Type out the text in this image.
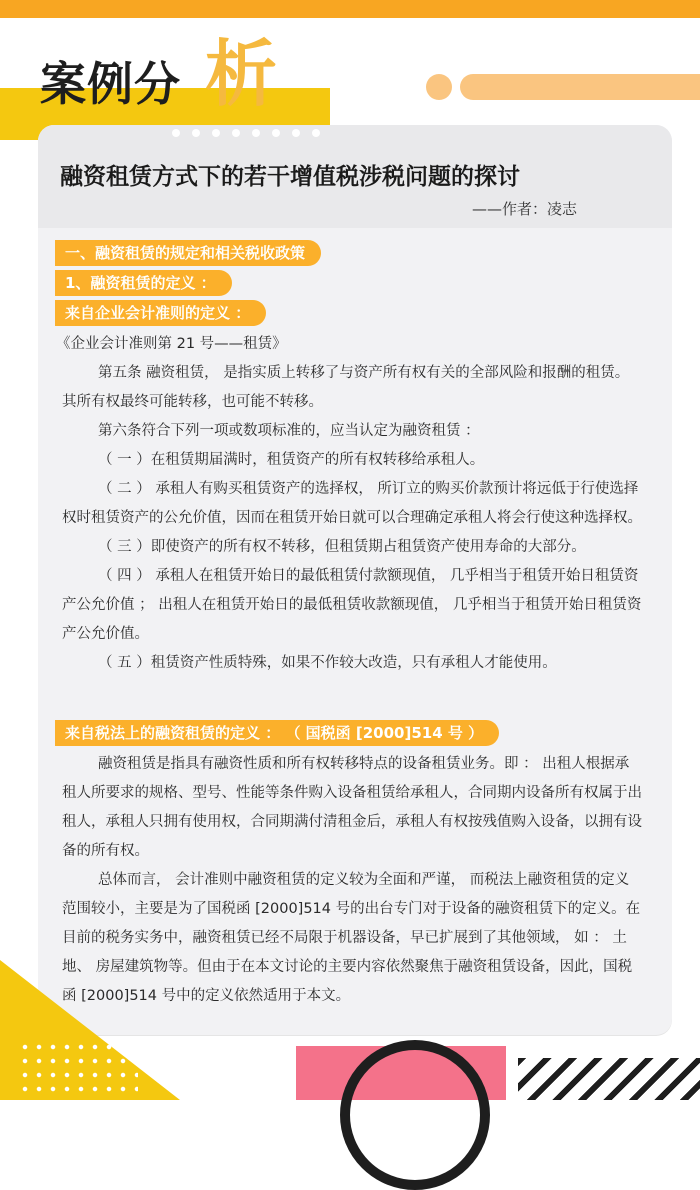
析
案例分
融资租赁方式下的若干增值税涉税问题的探讨
——作者：凌志
一、融资租赁的规定和相关税收政策
1、融资租赁的定义 ：
来自企业会计准则的定义 ：

《企业会计准则第 21 号——租赁》

第五条 融资租赁， 是指实质上转移了与资产所有权有关的全部风险和报酬的租赁。其所有权最终可能转移，也可能不转移。

第六条符合下列一项或数项标准的，应当认定为融资租赁 ：

（ 一 ）在租赁期届满时，租赁资产的所有权转移给承租人。

（ 二 ） 承租人有购买租赁资产的选择权， 所订立的购买价款预计将远低于行使选择权时租赁资产的公允价值，因而在租赁开始日就可以合理确定承租人将会行使这种选择权。

（ 三 ）即使资产的所有权不转移，但租赁期占租赁资产使用寿命的大部分。

（ 四 ） 承租人在租赁开始日的最低租赁付款额现值， 几乎相当于租赁开始日租赁资产公允价值 ； 出租人在租赁开始日的最低租赁收款额现值， 几乎相当于租赁开始日租赁资产公允价值。

（ 五 ）租赁资产性质特殊，如果不作较大改造，只有承租人才能使用。

来自税法上的融资租赁的定义 ： （ 国税函 [2000]514 号 ）

融资租赁是指具有融资性质和所有权转移特点的设备租赁业务。即 ： 出租人根据承租人所要求的规格、型号、性能等条件购入设备租赁给承租人，合同期内设备所有权属于出租人，承租人只拥有使用权，合同期满付清租金后，承租人有权按残值购入设备，以拥有设备的所有权。

总体而言， 会计准则中融资租赁的定义较为全面和严谨， 而税法上融资租赁的定义范围较小，主要是为了国税函 [2000]514 号的出台专门对于设备的融资租赁下的定义。在目前的税务实务中，融资租赁已经不局限于机器设备，早已扩展到了其他领域， 如 ： 土地、 房屋建筑物等。但由于在本文讨论的主要内容依然聚焦于融资租赁设备，因此，国税函 [2000]514 号中的定义依然适用于本文。
